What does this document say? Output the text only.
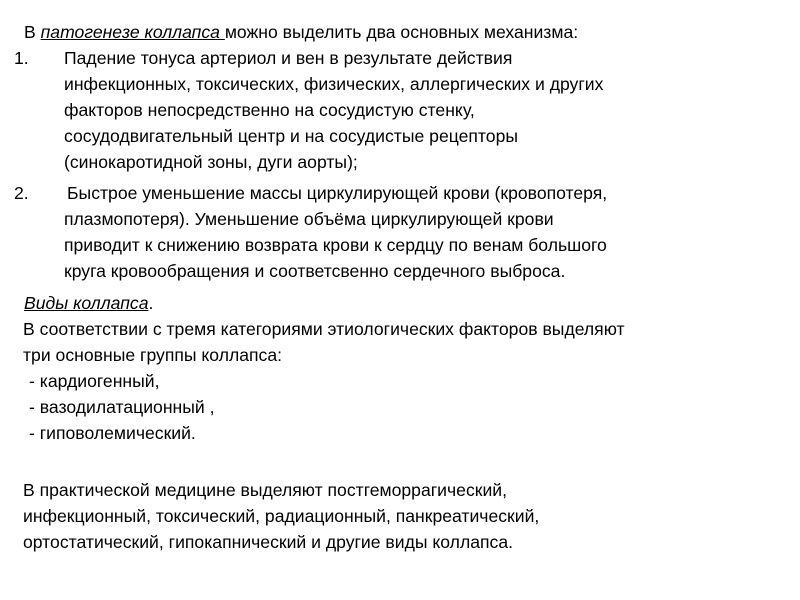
В патогенезе коллапса можно выделить два основных механизма:
1. Падение тонуса артериол и вен в результате действия
инфекционных, токсических, физических, аллергических и других
факторов непосредственно на сосудистую стенку,
сосудодвигательный центр и на сосудистые рецепторы
(синокаротидной зоны, дуги аорты);
2. Быстрое уменьшение массы циркулирующей крови (кровопотеря,
плазмопотеря). Уменьшение объёма циркулирующей крови
приводит к снижению возврата крови к сердцу по венам большого
круга кровообращения и соответсвенно сердечного выброса.
Виды коллапса.
В соответствии с тремя категориями этиологических факторов выделяют
три основные группы коллапса:
- кардиогенный,
- вазодилатационный ,
- гиповолемический.
В практической медицине выделяют постгеморрагический,
инфекционный, токсический, радиационный, панкреатический,
ортостатический, гипокапнический и другие виды коллапса.
